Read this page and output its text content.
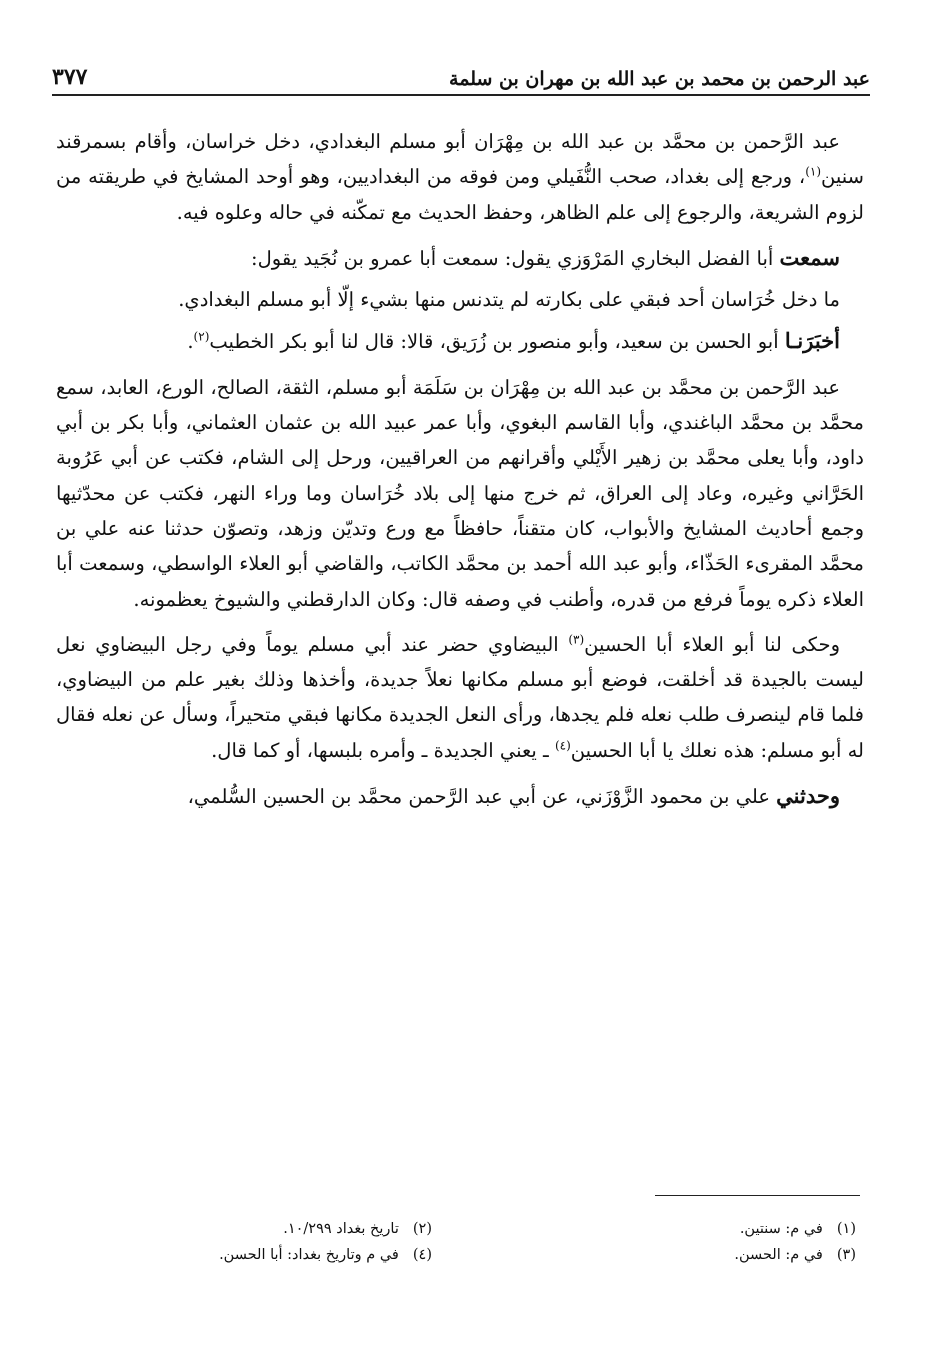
عبد الرحمن بن محمد بن عبد الله بن مهران بن سلمة
٣٧٧

عبد الرَّحمن بن محمَّد بن عبد الله بن مِهْرَان أبو مسلم البغدادي، دخل خراسان، وأقام بسمرقند سنين$^{(١)}$، ورجع إلى بغداد، صحب النُّفَيلي ومن فوقه من البغداديين، وهو أوحد المشايخ في طريقته من لزوم الشريعة، والرجوع إلى علم الظاهر، وحفظ الحديث مع تمكّنه في حاله وعلوه فيه.

سمعت أبا الفضل البخاري المَرْوَزي يقول: سمعت أبا عمرو بن نُجَيد يقول:

ما دخل خُرَاسان أحد فبقي على بكارته لم يتدنس منها بشيء إلّا أبو مسلم البغدادي.

أخبَرَنـا أبو الحسن بن سعيد، وأبو منصور بن زُرَيق، قالا: قال لنا أبو بكر الخطيب$^{(٢)}$.

عبد الرَّحمن بن محمَّد بن عبد الله بن مِهْرَان بن سَلَمَة أبو مسلم، الثقة، الصالح، الورع، العابد، سمع محمَّد بن محمَّد الباغندي، وأبا القاسم البغوي، وأبا عمر عبيد الله بن عثمان العثماني، وأبا بكر بن أبي داود، وأبا يعلى محمَّد بن زهير الأَيْلي وأقرانهم من العراقيين، ورحل إلى الشام، فكتب عن أبي عَرُوبة الحَرَّاني وغيره، وعاد إلى العراق، ثم خرج منها إلى بلاد خُرَاسان وما وراء النهر، فكتب عن محدّثيها وجمع أحاديث المشايخ والأبواب، كان متقناً، حافظاً مع ورع وتديّن وزهد، وتصوّن حدثنا عنه علي بن محمَّد المقرىء الحَذّاء، وأبو عبد الله أحمد بن محمَّد الكاتب، والقاضي أبو العلاء الواسطي، وسمعت أبا العلاء ذكره يوماً فرفع من قدره، وأطنب في وصفه قال: وكان الدارقطني والشيوخ يعظمونه.

وحكى لنا أبو العلاء أبا الحسين$^{(٣)}$ البيضاوي حضر عند أبي مسلم يوماً وفي رجل البيضاوي نعل ليست بالجيدة قد أخلقت، فوضع أبو مسلم مكانها نعلاً جديدة، وأخذها وذلك بغير علم من البيضاوي، فلما قام لينصرف طلب نعله فلم يجدها، ورأى النعل الجديدة مكانها فبقي متحيراً، وسأل عن نعله فقال له أبو مسلم: هذه نعلك يا أبا الحسين$^{(٤)}$ ـ يعني الجديدة ـ وأمره بلبسها، أو كما قال.

وحدثني علي بن محمود الزَّوْزَني، عن أبي عبد الرَّحمن محمَّد بن الحسين السُّلمي،

(١)في م: سنتين.
(٢)تاريخ بغداد ١٠/٢٩٩.
(٣)في م: الحسن.
(٤)في م وتاريخ بغداد: أبا الحسن.
